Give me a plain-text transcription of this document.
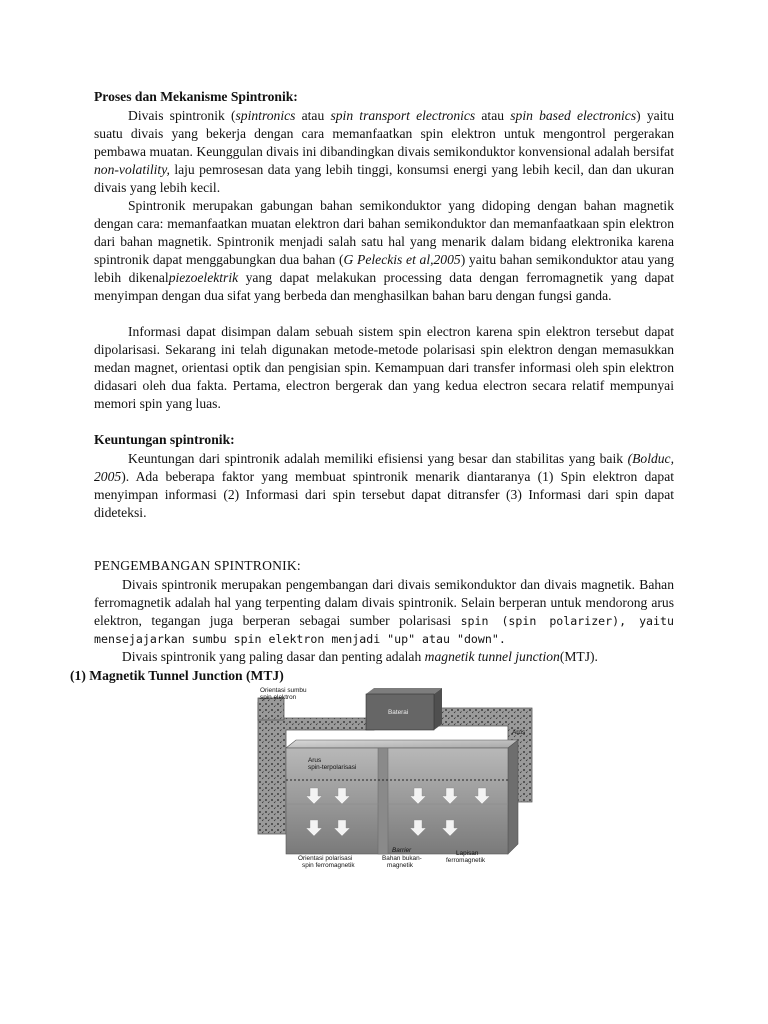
Proses dan Mekanisme Spintronik:

Divais spintronik (spintronics atau spin transport electronics atau spin based electronics) yaitu suatu divais yang bekerja dengan cara memanfaatkan spin elektron untuk mengontrol pergerakan pembawa muatan. Keunggulan divais ini dibandingkan divais semikonduktor konvensional adalah bersifat non-volatility, laju pemrosesan data yang lebih tinggi, konsumsi energi yang lebih kecil, dan dan ukuran divais yang lebih kecil.

Spintronik merupakan gabungan bahan semikonduktor yang didoping dengan bahan magnetik dengan cara: memanfaatkan muatan elektron dari bahan semikonduktor dan memanfaatkaan spin elektron dari bahan magnetik. Spintronik menjadi salah satu hal yang menarik dalam bidang elektronika karena spintronik dapat menggabungkan dua bahan (G Peleckis et al,2005) yaitu bahan semikonduktor atau yang lebih dikenalpiezoelektrik yang dapat melakukan processing data dengan ferromagnetik yang dapat menyimpan dengan dua sifat yang berbeda dan menghasilkan bahan baru dengan fungsi ganda.

Informasi dapat disimpan dalam sebuah sistem spin electron karena spin elektron tersebut dapat dipolarisasi. Sekarang ini telah digunakan metode-metode polarisasi spin elektron dengan memasukkan medan magnet, orientasi optik dan pengisian spin. Kemampuan dari transfer informasi oleh spin elektron didasari oleh dua fakta. Pertama, electron bergerak dan yang kedua electron secara relatif mempunyai memori spin yang luas.

Keuntungan spintronik:

Keuntungan dari spintronik adalah memiliki efisiensi yang besar dan stabilitas yang baik (Bolduc, 2005). Ada beberapa faktor yang membuat spintronik menarik diantaranya (1) Spin elektron dapat menyimpan informasi (2) Informasi dari spin tersebut dapat ditransfer (3) Informasi dari spin dapat dideteksi.

PENGEMBANGAN SPINTRONIK:

Divais spintronik merupakan pengembangan dari divais semikonduktor dan divais magnetik. Bahan ferromagnetik adalah hal yang terpenting dalam divais spintronik. Selain berperan untuk mendorong arus elektron, tegangan juga berperan sebagai sumber polarisasi spin (spin polarizer), yaitu mensejajarkan sumbu spin elektron menjadi "up" atau "down".

Divais spintronik yang paling dasar dan penting adalah magnetik tunnel junction(MTJ).

(1) Magnetik Tunnel Junction (MTJ)

Baterai
Orientasi sumbu
spin elektron
Arus
Arus
spin-terpolarisasi
Orientasi polarisasi
spin ferromagnetik
Barrier
Bahan bukan-
magnetik
Lapisan
ferromagnetik
